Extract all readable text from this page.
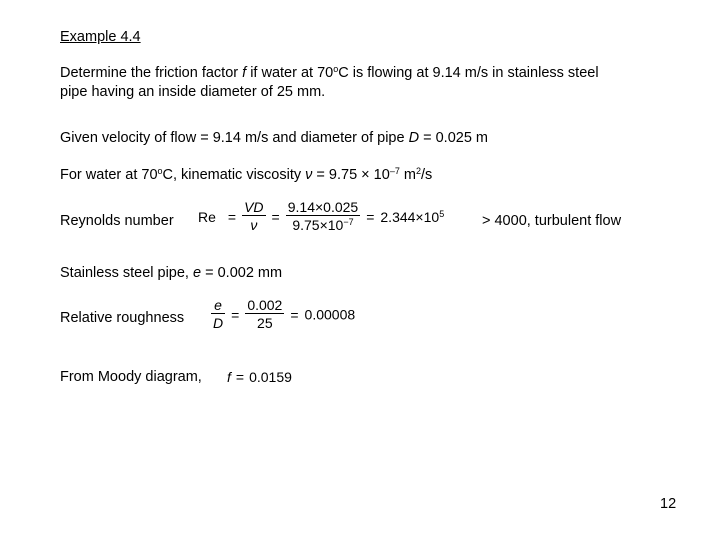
Example 4.4
Determine the friction factor f if water at 70$^o$C is flowing at 9.14 m/s in stainless steel
pipe having an inside diameter of 25 mm.
Given velocity of flow = 9.14 m/s and diameter of pipe D = 0.025 m
For water at 70$^o$C, kinematic viscosity $\nu = 9.75 \times 10^{-7}$ $m^2/s$
Reynolds number $Re = \frac{VD}{\nu} = \frac{9.14\times 0.025}{9.75\times 10^{-7}} = 2.344\times 10^5$	> 4000, turbulent flow
Stainless steel pipe, e = 0.002 mm
Relative roughness $\frac{e}{D} = \frac{0.002}{25} = 0.00008$
From Moody diagram, f = 0.0159
12
